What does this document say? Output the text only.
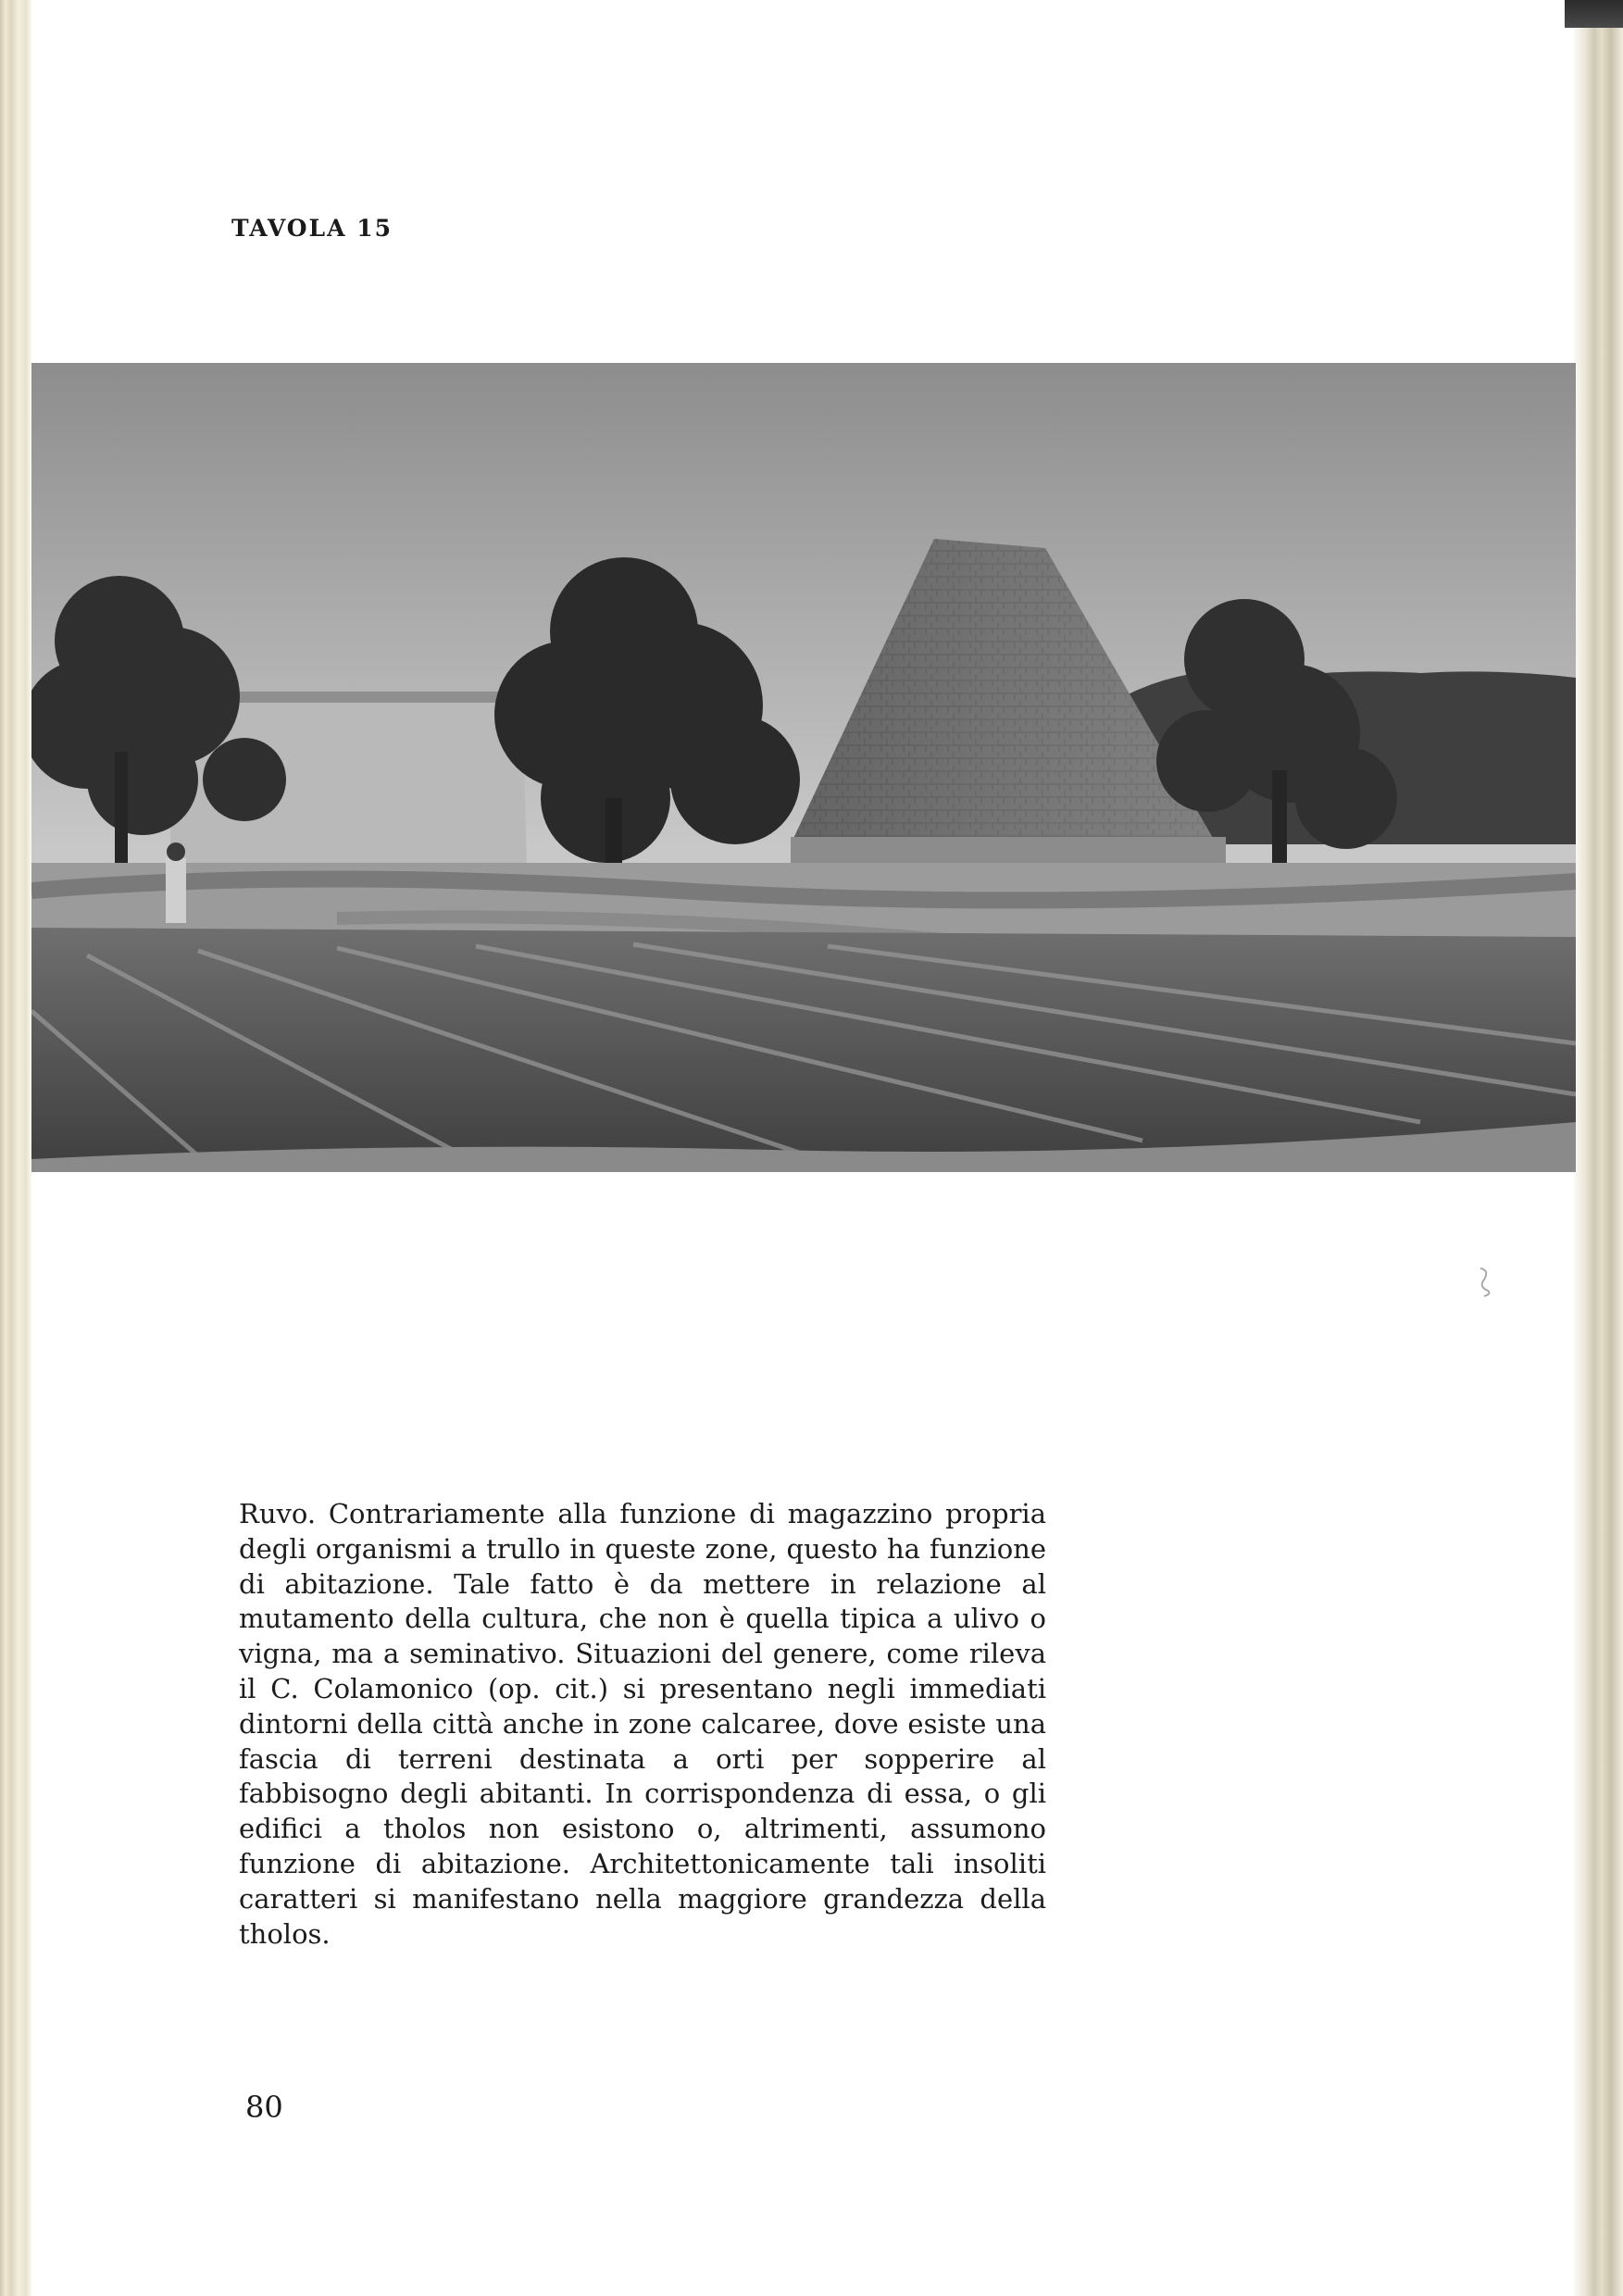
TAVOLA 15

Ruvo. Contrariamente alla funzione di magazzino propria degli organismi a trullo in queste zone, questo ha funzione di abitazione. Tale fatto è da mettere in relazione al mutamento della cultura, che non è quella tipica a ulivo o vigna, ma a seminativo. Situazioni del genere, come rileva il C. Colamonico (op. cit.) si presentano negli immediati dintorni della città anche in zone calcaree, dove esiste una fascia di terreni destinata a orti per sopperire al fabbisogno degli abitanti. In corrispondenza di essa, o gli edifici a tholos non esistono o, altrimenti, assumono funzione di abitazione. Architettonicamente tali insoliti caratteri si manifestano nella maggiore grandezza della tholos.

80
